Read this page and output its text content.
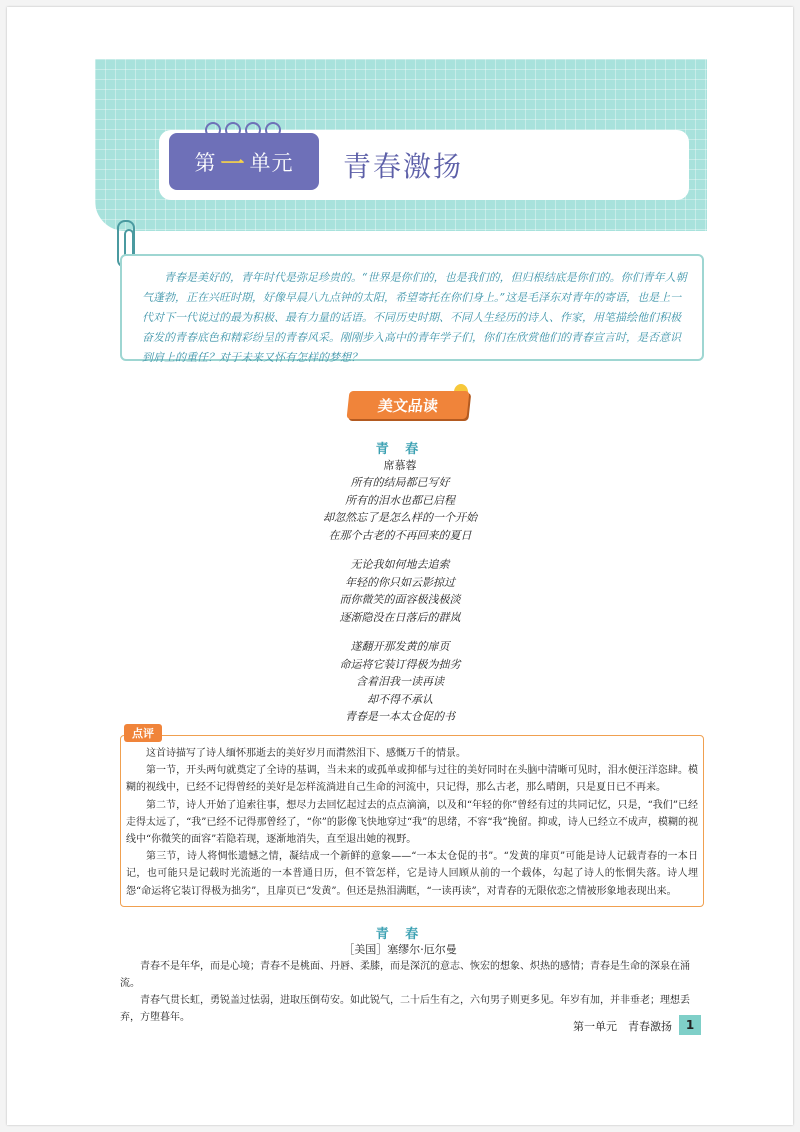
第 一 单元 青春激扬

青春是美好的，青年时代是弥足珍贵的。“世界是你们的，也是我们的，但归根结底是你们的。你们青年人朝气蓬勃，正在兴旺时期，好像早晨八九点钟的太阳，希望寄托在你们身上。”这是毛泽东对青年的寄语，也是上一代对下一代说过的最为积极、最有力量的话语。不同历史时期、不同人生经历的诗人、作家，用笔描绘他们积极奋发的青春底色和精彩纷呈的青春风采。刚刚步入高中的青年学子们，你们在欣赏他们的青春宣言时，是否意识到肩上的重任？对于未来又怀有怎样的梦想？

美文品读
青 春
席慕蓉
所有的结局都已写好
所有的泪水也都已启程
却忽然忘了是怎么样的一个开始
在那个古老的不再回来的夏日
无论我如何地去追索
年轻的你只如云影掠过
而你微笑的面容极浅极淡
逐渐隐没在日落后的群岚
遂翻开那发黄的扉页
命运将它装订得极为拙劣
含着泪我一读再读
却不得不承认
青春是一本太仓促的书
点评

这首诗描写了诗人缅怀那逝去的美好岁月而潸然泪下、感慨万千的情景。

第一节，开头两句就奠定了全诗的基调，当未来的或孤单或抑郁与过往的美好同时在头脑中清晰可见时，泪水便汪洋恣肆。模糊的视线中，已经不记得曾经的美好是怎样流淌进自己生命的河流中，只记得，那么古老，那么晴朗，只是夏日已不再来。

第二节，诗人开始了追索往事，想尽力去回忆起过去的点点滴滴，以及和“年轻的你”曾经有过的共同记忆，只是，“我们”已经走得太远了，“我”已经不记得那曾经了，“你”的影像飞快地穿过“我”的思绪，不容“我”挽留。抑或，诗人已经立不成声，模糊的视线中“你微笑的面容”若隐若现，逐渐地消失，直至退出她的视野。

第三节，诗人将惆怅遗憾之情，凝结成一个新鲜的意象——“一本太仓促的书”。“发黄的扉页”可能是诗人记载青春的一本日记，也可能只是记载时光流逝的一本普通日历，但不管怎样，它是诗人回顾从前的一个载体，勾起了诗人的怅惘失落。诗人埋怨“命运将它装订得极为拙劣”，且扉页已“发黄”。但还是热泪满眶，“一读再读”，对青春的无限依恋之情被形象地表现出来。

青 春
［美国］塞缪尔·厄尔曼

青春不是年华，而是心境；青春不是桃面、丹唇、柔膝，而是深沉的意志、恢宏的想象、炽热的感情；青春是生命的深泉在涌流。

青春气贯长虹，勇锐盖过怯弱，进取压倒苟安。如此锐气，二十后生有之，六旬男子则更多见。年岁有加，并非垂老；理想丢弃，方堕暮年。

第一单元　青春激扬	1
